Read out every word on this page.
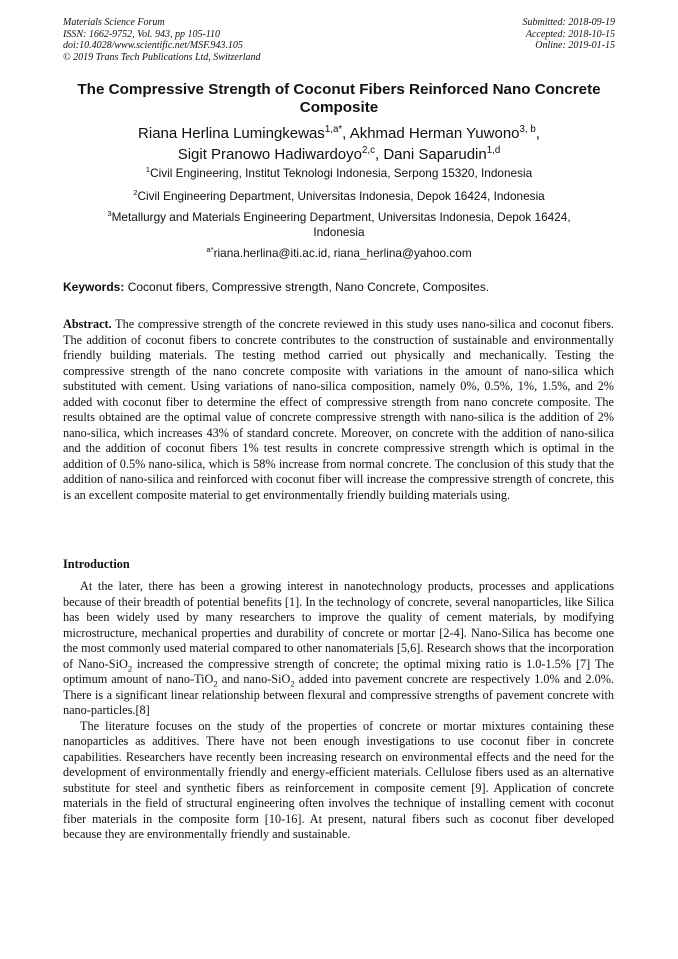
Materials Science Forum
ISSN: 1662-9752, Vol. 943, pp 105-110
doi:10.4028/www.scientific.net/MSF.943.105
© 2019 Trans Tech Publications Ltd, Switzerland
Submitted: 2018-09-19
Accepted: 2018-10-15
Online: 2019-01-15
The Compressive Strength of Coconut Fibers Reinforced Nano Concrete
Composite
Riana Herlina Lumingkewas$^{1,a*}$, Akhmad Herman Yuwono$^{3, b}$,
Sigit Pranowo Hadiwardoyo$^{2,c}$, Dani Saparudin$^{1,d}$
$^1$Civil Engineering, Institut Teknologi Indonesia, Serpong 15320, Indonesia
$^2$Civil Engineering Department, Universitas Indonesia, Depok 16424, Indonesia
$^3$Metallurgy and Materials Engineering Department, Universitas Indonesia, Depok 16424,
Indonesia
$^{a*}$riana.herlina@iti.ac.id, riana_herlina@yahoo.com
Keywords: Coconut fibers, Compressive strength, Nano Concrete, Composites.

Abstract. The compressive strength of the concrete reviewed in this study uses nano-silica and coconut fibers. The addition of coconut fibers to concrete contributes to the construction of sustainable and environmentally friendly building materials. The testing method carried out physically and mechanically. Testing the compressive strength of the nano concrete composite with variations in the amount of nano-silica which substituted with cement. Using variations of nano-silica composition, namely 0%, 0.5%, 1%, 1.5%, and 2% added with coconut fiber to determine the effect of compressive strength from nano concrete composite. The results obtained are the optimal value of concrete compressive strength with nano-silica is the addition of 2% nano-silica, which increases 43% of standard concrete. Moreover, on concrete with the addition of nano-silica and the addition of coconut fibers 1% test results in concrete compressive strength which is optimal in the addition of 0.5% nano-silica, which is 58% increase from normal concrete. The conclusion of this study that the addition of nano-silica and reinforced with coconut fiber will increase the compressive strength of concrete, this is an excellent composite material to get environmentally friendly building materials using.

Introduction

At the later, there has been a growing interest in nanotechnology products, processes and applications because of their breadth of potential benefits [1]. In the technology of concrete, several nanoparticles, like Silica has been widely used by many researchers to improve the quality of cement materials, by modifying microstructure, mechanical properties and durability of concrete or mortar [2-4]. Nano-Silica has become one the most commonly used material compared to other nanomaterials [5,6]. Research shows that the incorporation of Nano-SiO$_2$ increased the compressive strength of concrete; the optimal mixing ratio is 1.0-1.5% [7] The optimum amount of nano-TiO$_2$ and nano-SiO$_2$ added into pavement concrete are respectively 1.0% and 2.0%. There is a significant linear relationship between flexural and compressive strengths of pavement concrete with nano-particles.[8]

The literature focuses on the study of the properties of concrete or mortar mixtures containing these nanoparticles as additives. There have not been enough investigations to use coconut fiber in concrete capabilities. Researchers have recently been increasing research on environmental effects and the need for the development of environmentally friendly and energy-efficient materials. Cellulose fibers used as an alternative substitute for steel and synthetic fibers as reinforcement in composite cement [9]. Application of concrete materials in the field of structural engineering often involves the technique of installing cement with coconut fiber materials in the composite form [10-16]. At present, natural fibers such as coconut fiber developed because they are environmentally friendly and sustainable.
